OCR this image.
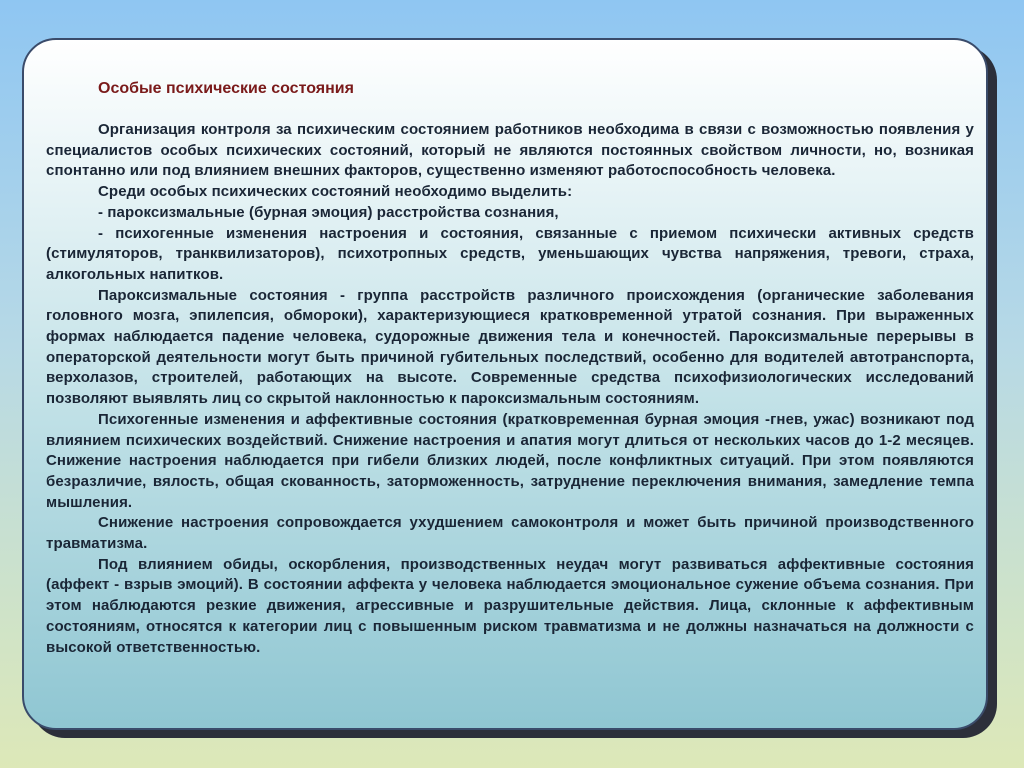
Особые психические состояния

Организация контроля за психическим состоянием работников необходима в связи с возможностью появления у специалистов особых психических состояний, который не являются постоянных свойством личности, но, возникая спонтанно или под влиянием внешних факторов, существенно изменяют работоспособность человека.

Среди особых психических состояний необходимо выделить:

- пароксизмальные (бурная эмоция) расстройства сознания,

- психогенные изменения настроения и состояния, связанные с приемом психически активных средств (стимуляторов, транквилизаторов), психотропных средств, уменьшающих чувства напряжения, тревоги, страха, алкогольных напитков.

Пароксизмальные состояния - группа расстройств различного происхождения (органические заболевания головного мозга, эпилепсия, обмороки), характеризующиеся кратковременной утратой сознания. При выраженных формах наблюдается падение человека, судорожные движения тела и конечностей. Пароксизмальные перерывы в операторской деятельности могут быть причиной губительных последствий, особенно для водителей автотранспорта, верхолазов, строителей, работающих на высоте. Современные средства психофизиологических исследований позволяют выявлять лиц со скрытой наклонностью к пароксизмальным состояниям.

Психогенные изменения и аффективные состояния (кратковременная бурная эмоция -гнев, ужас) возникают под влиянием психических воздействий. Снижение настроения и апатия могут длиться от нескольких часов до 1-2 месяцев. Снижение настроения наблюдается при гибели близких людей, после конфликтных ситуаций. При этом появляются безразличие, вялость, общая скованность, заторможенность, затруднение переключения внимания, замедление темпа мышления.

Снижение настроения сопровождается ухудшением самоконтроля и может быть причиной производственного травматизма.

Под влиянием обиды, оскорбления, производственных неудач могут развиваться аффективные состояния (аффект - взрыв эмоций). В состоянии аффекта у человека наблюдается эмоциональное сужение объема сознания. При этом наблюдаются резкие движения, агрессивные и разрушительные действия. Лица, склонные к аффективным состояниям, относятся к категории лиц с повышенным риском травматизма и не должны назначаться на должности с высокой ответственностью.
